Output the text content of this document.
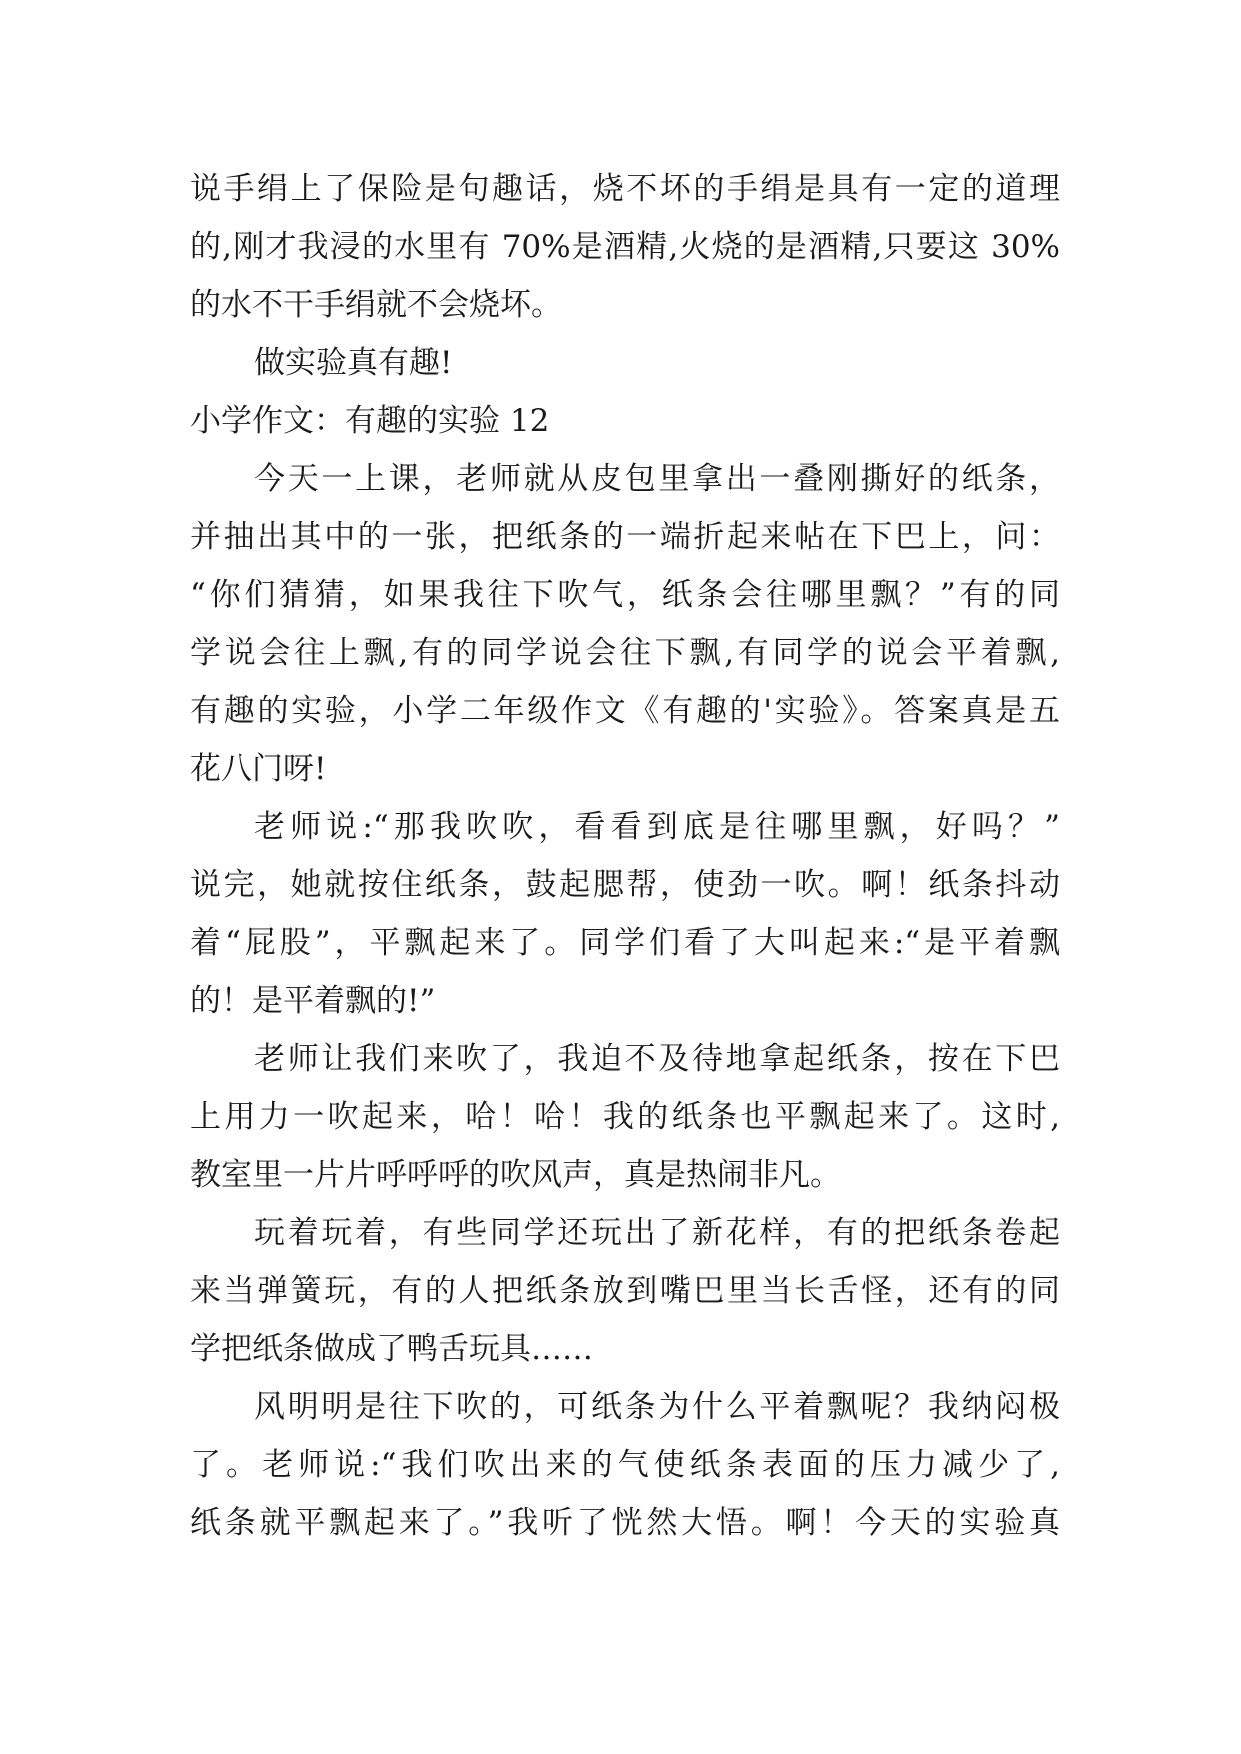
说手绢上了保险是句趣话，烧不坏的手绢是具有一定的道理
的,刚才我浸的水里有 70%是酒精,火烧的是酒精,只要这 30%
的水不干手绢就不会烧坏。
做实验真有趣!
小学作文：有趣的实验 12
今天一上课，老师就从皮包里拿出一叠刚撕好的纸条，
并抽出其中的一张，把纸条的一端折起来帖在下巴上，问：
“你们猜猜，如果我往下吹气，纸条会往哪里飘？”有的同
学说会往上飘,有的同学说会往下飘,有同学的说会平着飘,
有趣的实验，小学二年级作文《有趣的'实验》。答案真是五
花八门呀!
老师说:“那我吹吹，看看到底是往哪里飘，好吗？”
说完，她就按住纸条，鼓起腮帮，使劲一吹。啊！纸条抖动
着“屁股”，平飘起来了。同学们看了大叫起来:“是平着飘
的！是平着飘的!”
老师让我们来吹了，我迫不及待地拿起纸条，按在下巴
上用力一吹起来，哈！哈！我的纸条也平飘起来了。这时,
教室里一片片呼呼呼的吹风声，真是热闹非凡。
玩着玩着，有些同学还玩出了新花样，有的把纸条卷起
来当弹簧玩，有的人把纸条放到嘴巴里当长舌怪，还有的同
学把纸条做成了鸭舌玩具……
风明明是往下吹的，可纸条为什么平着飘呢？我纳闷极
了。老师说:“我们吹出来的气使纸条表面的压力减少了,
纸条就平飘起来了。”我听了恍然大悟。啊！今天的实验真
